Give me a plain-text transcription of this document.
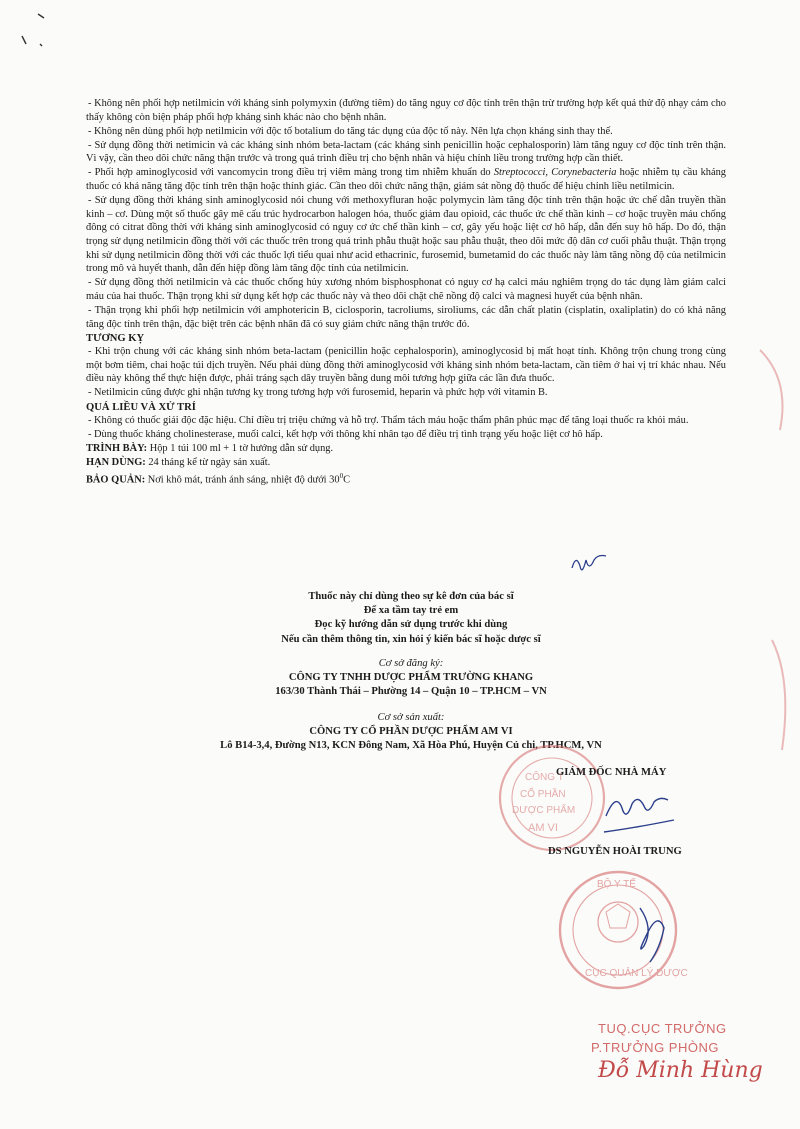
- Không nên phối hợp netilmicin với kháng sinh polymyxin (đường tiêm) do tăng nguy cơ độc tính trên thận trừ trường hợp kết quả thử độ nhạy cảm cho thấy không còn biện pháp phối hợp kháng sinh khác nào cho bệnh nhân.

- Không nên dùng phối hợp netilmicin với độc tố botalium do tăng tác dụng của độc tố này. Nên lựa chọn kháng sinh thay thế.

- Sử dụng đồng thời netimicin và các kháng sinh nhóm beta-lactam (các kháng sinh penicillin hoặc cephalosporin) làm tăng nguy cơ độc tính trên thận. Vì vậy, cần theo dõi chức năng thận trước và trong quá trình điều trị cho bệnh nhân và hiệu chỉnh liều trong trường hợp cần thiết.

- Phối hợp aminoglycosid với vancomycin trong điều trị viêm màng trong tim nhiễm khuẩn do Streptococci, Corynebacteria hoặc nhiễm tụ cầu kháng thuốc có khả năng tăng độc tính trên thận hoặc thính giác. Cần theo dõi chức năng thận, giám sát nồng độ thuốc để hiệu chỉnh liều netilmicin.

- Sử dụng đồng thời kháng sinh aminoglycosid nói chung với methoxyfluran hoặc polymycin làm tăng độc tính trên thận hoặc ức chế dẫn truyền thần kinh – cơ. Dùng một số thuốc gây mê cấu trúc hydrocarbon halogen hóa, thuốc giảm đau opioid, các thuốc ức chế thần kinh – cơ hoặc truyền máu chống đông có citrat đồng thời với kháng sinh aminoglycosid có nguy cơ ức chế thần kinh – cơ, gây yếu hoặc liệt cơ hô hấp, dẫn đến suy hô hấp. Do đó, thận trọng sử dụng netilmicin đồng thời với các thuốc trên trong quá trình phẫu thuật hoặc sau phẫu thuật, theo dõi mức độ dãn cơ cuối phẫu thuật. Thận trọng khi sử dụng netilmicin đồng thời với các thuốc lợi tiểu quai như acid ethacrinic, furosemid, bumetamid do các thuốc này làm tăng nồng độ của netilmicin trong mô và huyết thanh, dẫn đến hiệp đồng làm tăng độc tính của netilmicin.

- Sử dụng đồng thời netilmicin và các thuốc chống hủy xương nhóm bisphosphonat có nguy cơ hạ calci máu nghiêm trọng do tác dụng làm giảm calci máu của hai thuốc. Thận trọng khi sử dụng kết hợp các thuốc này và theo dõi chặt chẽ nồng độ calci và magnesi huyết của bệnh nhân.

- Thận trọng khi phối hợp netilmicin với amphotericin B, ciclosporin, tacroliums, siroliums, các dẫn chất platin (cisplatin, oxaliplatin) do có khả năng tăng độc tính trên thận, đặc biệt trên các bệnh nhân đã có suy giảm chức năng thận trước đó.

TƯƠNG KỴ

- Khi trộn chung với các kháng sinh nhóm beta-lactam (penicillin hoặc cephalosporin), aminoglycosid bị mất hoạt tính. Không trộn chung trong cùng một bơm tiêm, chai hoặc túi dịch truyền. Nếu phải dùng đồng thời aminoglycosid với kháng sinh nhóm beta-lactam, cần tiêm ở hai vị trí khác nhau. Nếu điều này không thể thực hiện được, phải tráng sạch dây truyền bằng dung môi tương hợp giữa các lần đưa thuốc.

- Netilmicin cũng được ghi nhận tương kỵ trong tương hợp với furosemid, heparin và phức hợp với vitamin B.

QUÁ LIỀU VÀ XỬ TRÍ

- Không có thuốc giải độc đặc hiệu. Chỉ điều trị triệu chứng và hỗ trợ. Thẩm tách máu hoặc thẩm phân phúc mạc để tăng loại thuốc ra khỏi máu.

- Dùng thuốc kháng cholinesterase, muối calci, kết hợp với thông khí nhân tạo để điều trị tình trạng yếu hoặc liệt cơ hô hấp.

TRÌNH BÀY: Hộp 1 túi 100 ml + 1 tờ hướng dẫn sử dụng.
HẠN DÙNG: 24 tháng kể từ ngày sản xuất.
BẢO QUẢN: Nơi khô mát, tránh ánh sáng, nhiệt độ dưới $30^0C$
Thuốc này chỉ dùng theo sự kê đơn của bác sĩ
Để xa tầm tay trẻ em
Đọc kỹ hướng dẫn sử dụng trước khi dùng
Nếu cần thêm thông tin, xin hỏi ý kiến bác sĩ hoặc dược sĩ
Cơ sở đăng ký:
CÔNG TY TNHH DƯỢC PHẨM TRƯỜNG KHANG
163/30 Thành Thái – Phường 14 – Quận 10 – TP.HCM – VN
Cơ sở sản xuất:
CÔNG TY CỔ PHẦN DƯỢC PHẨM AM VI
Lô B14-3,4, Đường N13, KCN Đông Nam, Xã Hòa Phú, Huyện Củ chi, TP.HCM, VN
CÔNG T
CỔ PHẦN
DƯỢC PHẨM
AM VI
BỘ Y TẾ
CỤC QUẢN LÝ DƯỢC
GIÁM ĐỐC NHÀ MÁY
DS NGUYỄN HOÀI TRUNG
TUQ.CỤC TRƯỞNG
P.TRƯỞNG PHÒNG
Đỗ Minh Hùng
